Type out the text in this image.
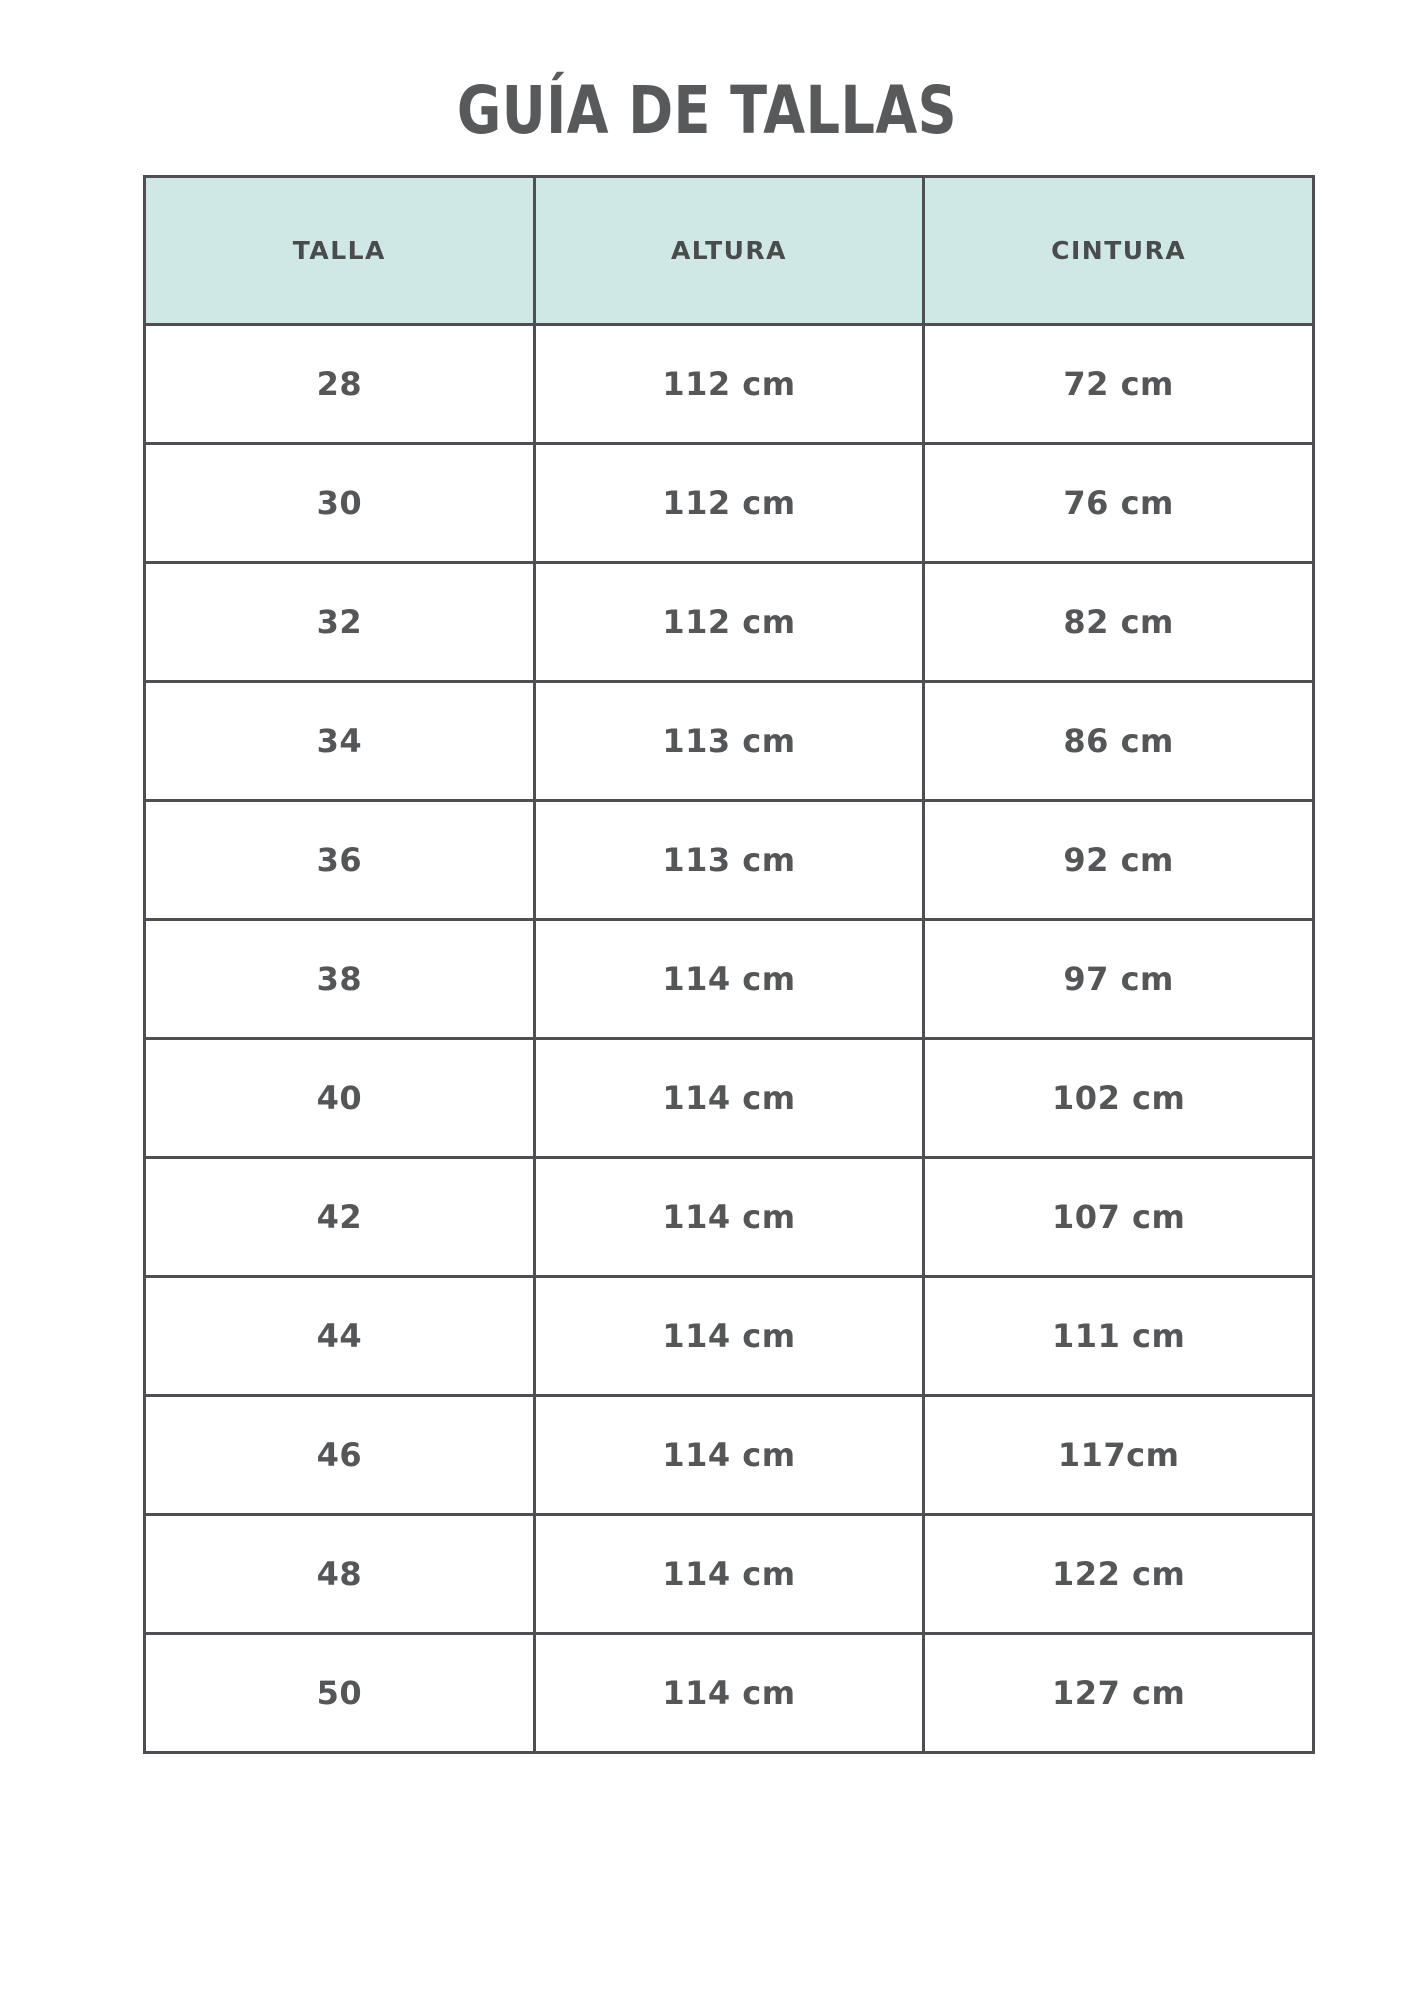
GUÍA DE TALLAS
TALLA	ALTURA	CINTURA
28	112 cm	72 cm
30	112 cm	76 cm
32	112 cm	82 cm
34	113 cm	86 cm
36	113 cm	92 cm
38	114 cm	97 cm
40	114 cm	102 cm
42	114 cm	107 cm
44	114 cm	111 cm
46	114 cm	117cm
48	114 cm	122 cm
50	114 cm	127 cm
